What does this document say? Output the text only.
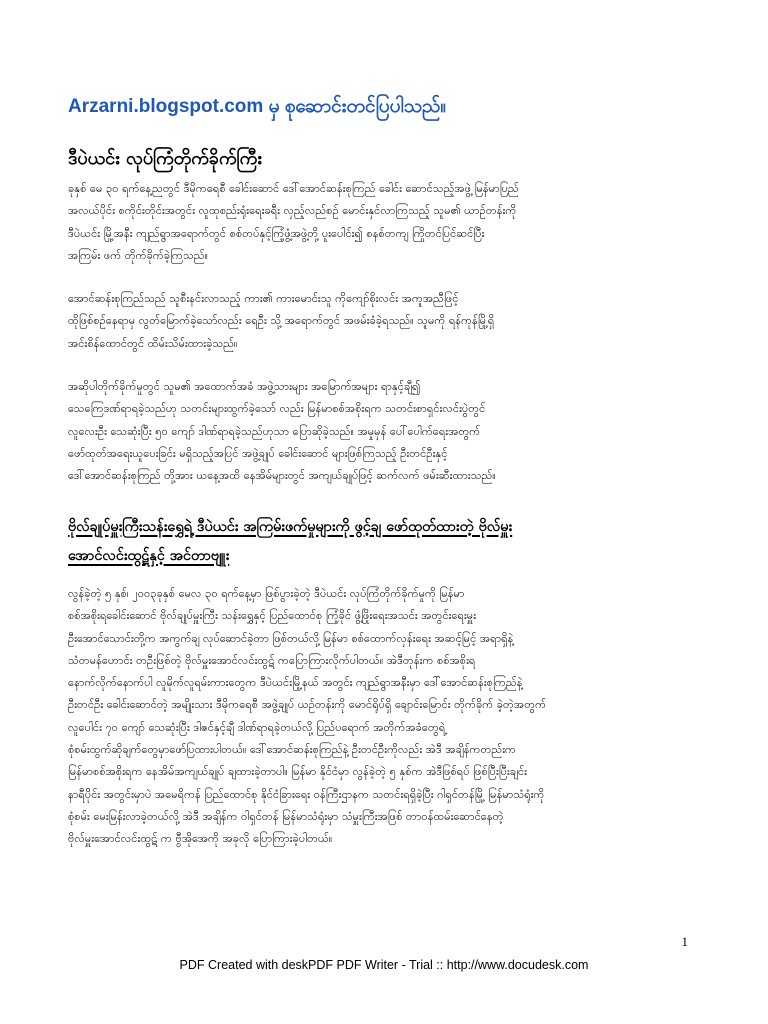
Arzarni.blogspot.com မှ စုဆောင်းတင်ပြပါသည်။
ဒီပဲယင်း လုပ်ကြံတိုက်ခိုက်ကြီး
ခုနှစ် မေ ၃၀ ရက်နေ့ညတွင် ဒီမိုကရေစီ ခေါင်းဆောင် ဒေါ်အောင်ဆန်းစုကြည် ခေါင်း ဆောင်သည့်အဖွဲ့ မြန်မာပြည်
အလယ်ပိုင်း စကိုင်းတိုင်းအတွင်း လူထုစည်းရုံးရေးခရီး လှည့်လည်စဉ် မောင်းနှင်လာကြသည့် သူမ၏ ယာဉ်တန်းကို
ဒီပဲယင်း မြို့အနီး ကျည်ရွာအရောက်တွင် စစ်တပ်နှင့်ကြံ့ဖွံ့အဖွဲ့တို့ ပူးပေါင်း၍ စနစ်တကျ ကြိုတင်ပြင်ဆင်ပြီး
အကြမ်း ဖက် တိုက်ခိုက်ခဲ့ကြသည်။
အောင်ဆန်းစုကြည်သည် သူစီးနင်းလာသည့် ကား၏ ကားမောင်းသူ ကိုကျော်စိုးလင်း အကူအညီဖြင့်
ထိုဖြစ်စဉ်နေရာမှ လွတ်မြောက်ခဲ့သော်လည်း ရေဦး သို့ အရောက်တွင် အဖမ်းခံခဲ့ရသည်။ သူမကို ရန်ကုန်မြို့ရှိ
အင်းစိန်ထောင်တွင် ထိမ်းသိမ်းထားခဲ့သည်။
အဆိုပါတိုက်ခိုက်မှုတွင် သူမ၏ အထောက်အခံ အဖွဲ့သားများ အမြောက်အများ ရာနှင့်ချီ၍
သေကြေဒဏ်ရာရခဲ့သည်ဟု သတင်းများထွက်ခဲ့သော် လည်း မြန်မာစစ်အစိုးရက သတင်းစာရှင်းလင်းပွဲတွင်
လူလေးဦး သေဆုံးပြီး ၅၀ ကျော် ဒါဏ်ရာရခဲ့သည်ဟုသာ ပြောဆိုခဲ့သည်။ အမှုမှန် ပေါ်ပေါက်ရေးအတွက်
ဖော်ထုတ်အရေးယူပေးခြင်း မရှိသည့်အပြင် အဖွဲ့ချုပ် ခေါင်းဆောင် များဖြစ်ကြသည့် ဦးတင်ဦးနှင့်
ဒေါ်အောင်ဆန်းစုကြည် တို့အား ယနေ့အထိ နေအိမ်များတွင် အကျယ်ချုပ်ဖြင့် ဆက်လက် ဖမ်းဆီးထားသည်။
ဗိုလ်ချုပ်မှူးကြီးသန်းရွှေရဲ့ ဒီပဲယင်း အကြမ်းဖက်မှုများကို ဖွင့်ချ ဖော်ထုတ်ထားတဲ့ ဗိုလ်မှူး
အောင်လင်းထွဋ်နှင့် အင်တာဗျူး
လွန်ခဲ့တဲ့ ၅ နှစ်၊ ၂၀၀၃ခုနှစ် မေလ ၃၀ ရက်နေ့မှာ ဖြစ်ပွားခဲ့တဲ့ ဒီပဲယင်း လုပ်ကြံတိုက်ခိုက်မှုကို မြန်မာ
စစ်အစိုးရခေါင်းဆောင် ဗိုလ်ချုပ်မှူးကြီး သန်းရွှေနှင့် ပြည်ထောင်စု ကြံ့ခိုင် ဖွံ့ဖြိုးရေးအသင်း အတွင်းရေးမှူး
ဦးအောင်သောင်းတို့က အကွက်ချ လုပ်ဆောင်ခဲ့တာ ဖြစ်တယ်လို့ မြန်မာ စစ်ထောက်လှန်းရေး အဆင့်မြင့် အရာရှိနဲ့
သံတမန်ဟောင်း တဦးဖြစ်တဲ့ ဗိုလ်မှူးအောင်လင်းထွဋ် ကပြောကြားလိုက်ပါတယ်။ အဲဒီတုန်းက စစ်အစိုးရ
နောက်လိုက်နောက်ပါ လူမိုက်လူရမ်းကားတွေက ဒီပဲယင်းမြို့နယ် အတွင်း ကျည်ရွာအနီးမှာ ဒေါ်အောင်ဆန်းစုကြည်နဲ့
ဦးတင်ဦး ခေါင်းဆောင်တဲ့ အမျိုးသား ဒီမိုကရေစီ အဖွဲ့ချုပ် ယဉ်တန်းကို မောင်ရိုပ်ရှိ ချောင်းမြောင်း တိုက်ခိုက် ခဲ့တဲ့အတွက်
လူပေါင်း ၇၀ ကျော် သေဆုံးပြီး ဒါဇင်နှင့်ချီ ဒါဏ်ရာရခဲ့တယ်လို့ ပြည်ပရောက် အတိုက်အခံတွေရဲ့
စုံစမ်းထွက်ဆိုချက်တွေမှာဖော်ပြထားပါတယ်။ ဒေါ်အောင်ဆန်းစုကြည်နဲ့ ဦးတင်ဦးကိုလည်း အဲဒီ အချိန်ကတည်းက
မြန်မာစစ်အစိုးရက နေအိမ်အကျယ်ချုပ် ချထားခဲ့တာပါ။ မြန်မာ နိုင်ငံမှာ လွန်ခဲ့တဲ့ ၅ နှစ်က အဲဒီဖြစ်ရပ် ဖြစ်ပြီးပြီးချင်း
နာရီပိုင်း အတွင်းမှာပဲ အမေရိကန် ပြည်ထောင်စု နိုင်ငံခြားရေး ဝန်ကြီးဌာနက သတင်းရရှိခဲ့ပြီး ဂါရှင်တန်မြို့ မြန်မာသံရုံးကို
စုံစမ်း မေးမြန်းလာခဲ့တယ်လို့ အဲဒီ အချိန်က ဝါရှင်တန် မြန်မာသံရုံးမှာ သံမှူးကြီးအဖြစ် တာဝန်ထမ်းဆောင်နေတဲ့
ဗိုလ်မှူးအောင်လင်းထွဋ် က ဗွီအိုအေကို အခုလို ပြောကြားခဲ့ပါတယ်။
1
PDF Created with deskPDF PDF Writer - Trial :: http://www.docudesk.com
